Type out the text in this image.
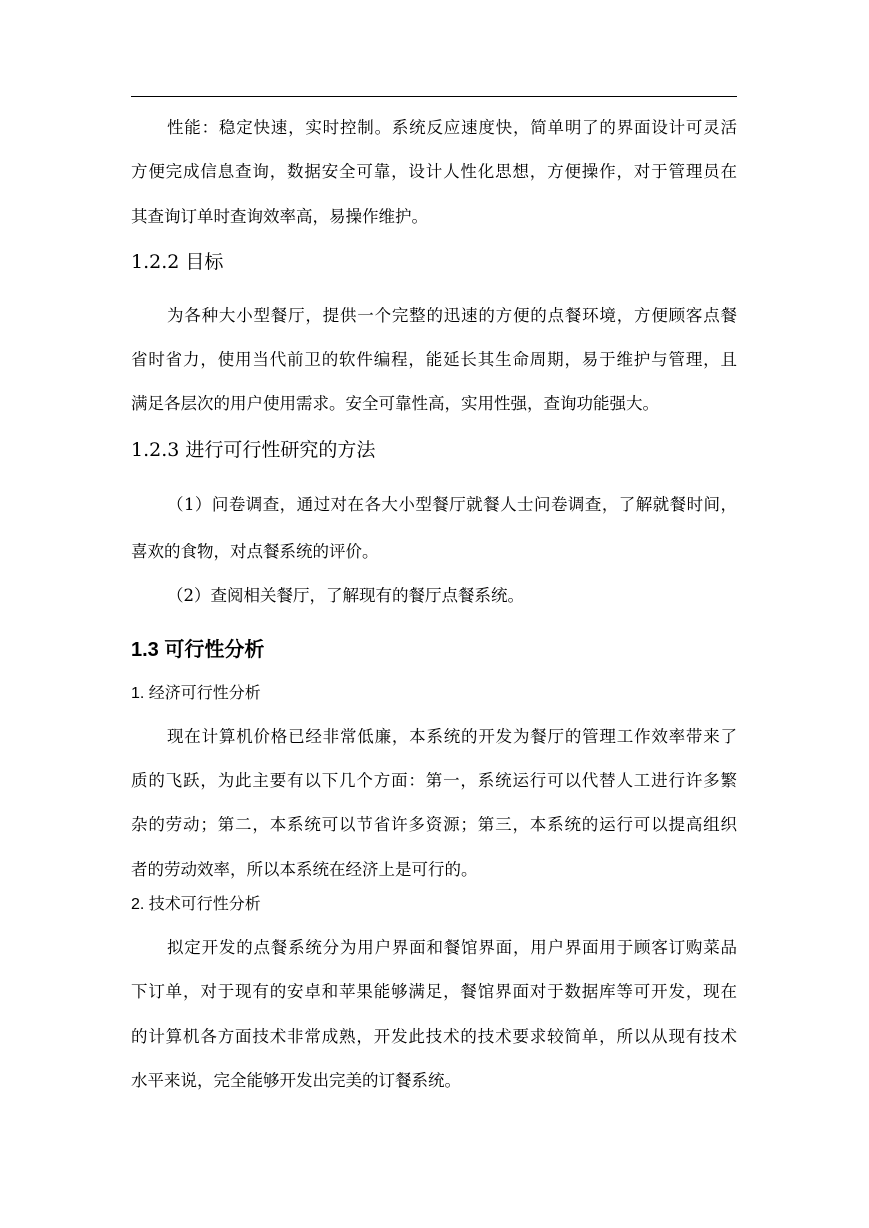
性能：稳定快速，实时控制。系统反应速度快，简单明了的界面设计可灵活
方便完成信息查询，数据安全可靠，设计人性化思想，方便操作，对于管理员在
其查询订单时查询效率高，易操作维护。
1.2.2 目标
为各种大小型餐厅，提供一个完整的迅速的方便的点餐环境，方便顾客点餐
省时省力，使用当代前卫的软件编程，能延长其生命周期，易于维护与管理，且
满足各层次的用户使用需求。安全可靠性高，实用性强，查询功能强大。
1.2.3 进行可行性研究的方法
（1）问卷调查，通过对在各大小型餐厅就餐人士问卷调查，了解就餐时间，
喜欢的食物，对点餐系统的评价。
（2）查阅相关餐厅，了解现有的餐厅点餐系统。
1.3 可行性分析
1. 经济可行性分析
现在计算机价格已经非常低廉，本系统的开发为餐厅的管理工作效率带来了
质的飞跃，为此主要有以下几个方面：第一，系统运行可以代替人工进行许多繁
杂的劳动；第二，本系统可以节省许多资源；第三，本系统的运行可以提高组织
者的劳动效率，所以本系统在经济上是可行的。
2. 技术可行性分析
拟定开发的点餐系统分为用户界面和餐馆界面，用户界面用于顾客订购菜品
下订单，对于现有的安卓和苹果能够满足，餐馆界面对于数据库等可开发，现在
的计算机各方面技术非常成熟，开发此技术的技术要求较简单，所以从现有技术
水平来说，完全能够开发出完美的订餐系统。
